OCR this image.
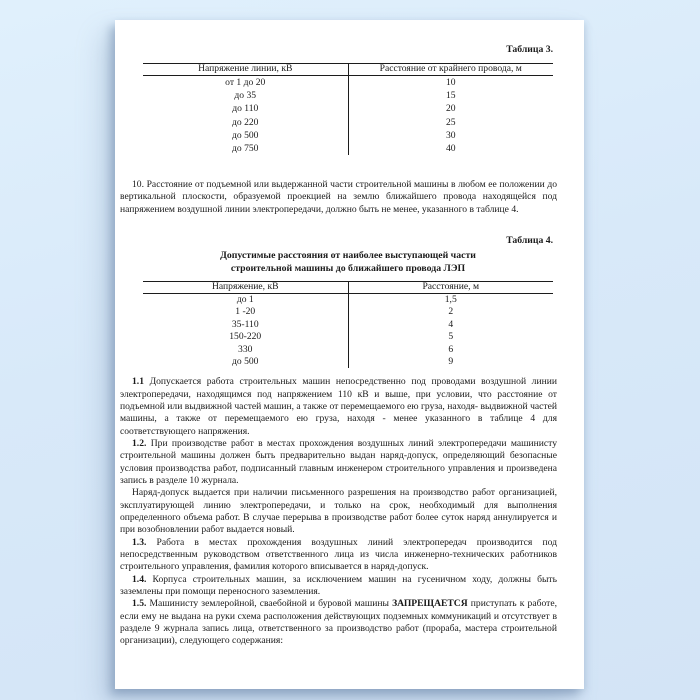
Таблица 3.
Напряжение линии, кВ	Расстояние от крайнего провода, м
от 1 до 20	10
до 35	15
до 110	20
до 220	25
до 500	30
до 750	40

10. Расстояние от подъемной или выдержанной части строительной машины в любом ее положении до вертикальной плоскости, образуемой проекцией на землю ближайшего провода находящейся под напряжением воздушной линии электропередачи, должно быть не менее, указанного в таблице 4.

Таблица 4.
Допустимые расстояния от наиболее выступающей части
строительной машины до ближайшего провода ЛЭП
Напряжение, кВ	Расстояние, м
до 1	1,5
1 -20	2
35-110	4
150-220	5
330	6
до 500	9

1.1 Допускается работа строительных машин непосредственно под проводами воздушной линии электропередачи, находящимся под напряжением 110 кВ и выше, при условии, что расстояние от подъемной или выдвижной частей машин, а также от перемещаемого ею груза, находя- выдвижной частей машины, а также от перемещаемого ею груза, находя - менее указанного в таблице 4 для соответствующего напряжения.

1.2. При производстве работ в местах прохождения воздушных линий электропередачи машинисту строительной машины должен быть предварительно выдан наряд-допуск, определяющий безопасные условия производства работ, подписанный главным инженером строительного управления и произведена запись в разделе 10 журнала.

Наряд-допуск выдается при наличии письменного разрешения на производство работ организацией, эксплуатирующей линию электропередачи, и только на срок, необходимый для выполнения определенного объема работ. В случае перерыва в производстве работ более суток наряд аннулируется и при возобновлении работ выдается новый.

1.3. Работа в местах прохождения воздушных линий электропередач производится под непосредственным руководством ответственного лица из числа инженерно-технических работников строительного управления, фамилия которого вписывается в наряд-допуск.

1.4. Корпуса строительных машин, за исключением машин на гусеничном ходу, должны быть заземлены при помощи переносного заземления.

1.5. Машинисту землеройной, сваебойной и буровой машины ЗАПРЕЩАЕТСЯ приступать к работе, если ему не выдана на руки схема расположения действующих подземных коммуникаций и отсутствует в разделе 9 журнала запись лица, ответственного за производство работ (прораба, мастера строительной организации), следующего содержания:
